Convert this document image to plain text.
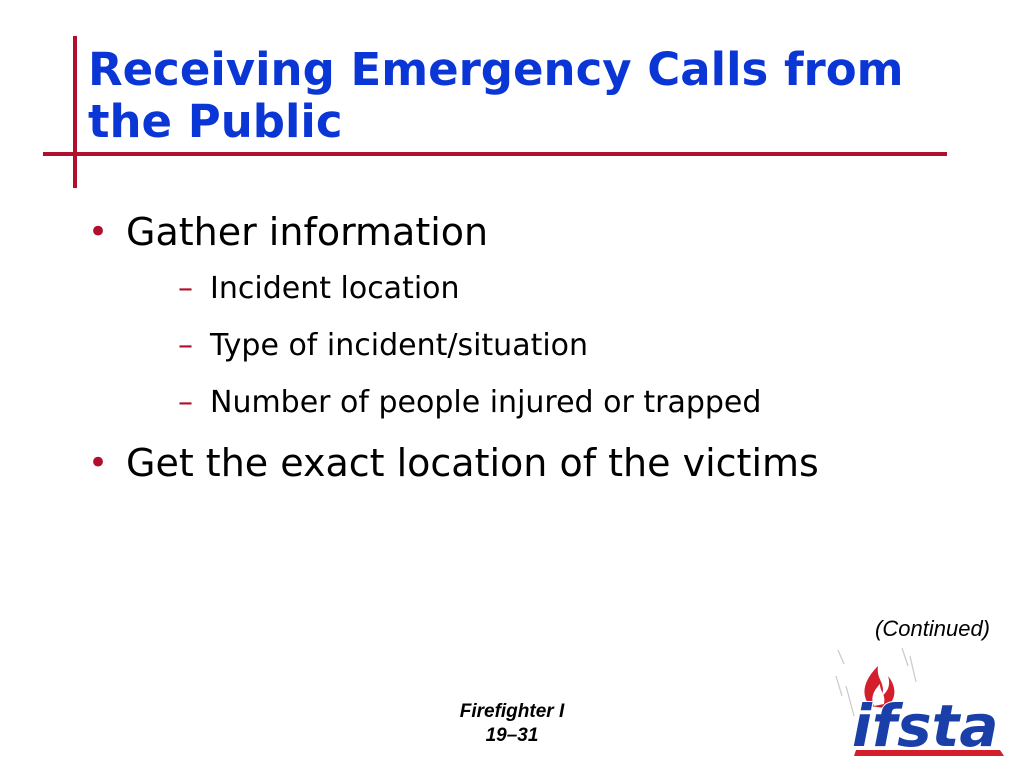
Receiving Emergency Calls from
the Public
• Gather information
– Incident location
– Type of incident/situation
– Number of people injured or trapped
• Get the exact location of the victims
(Continued)
Firefighter I
19–31	ifsta
